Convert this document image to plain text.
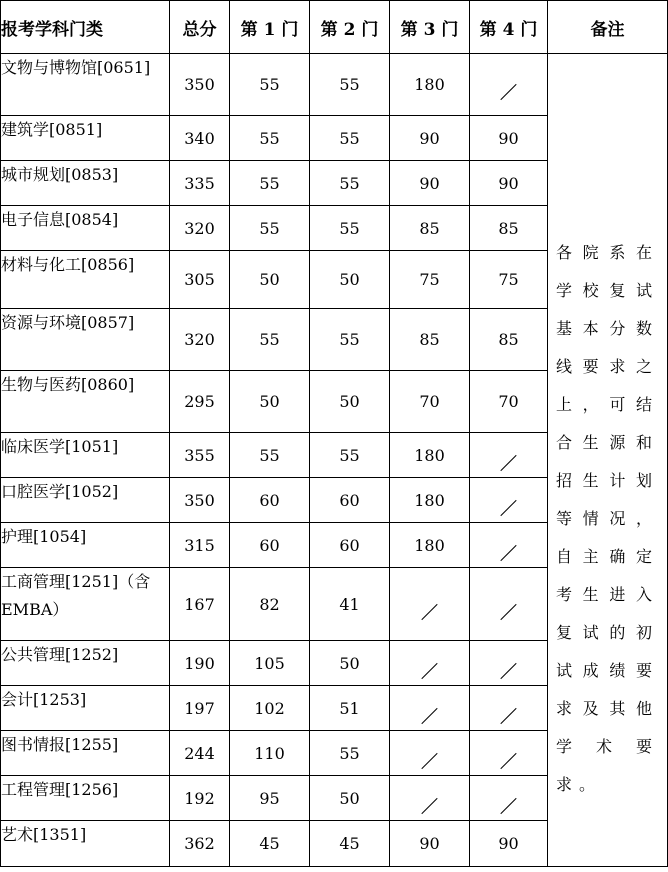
报考学科门类	总分	第 1 门	第 2 门	第 3 门	第 4 门	备注
文物与博物馆[0651]	350	55	55	180		各院系在学校复试基本分数线要求之上，可结合生源和招生计划等情况，自主确定考生进入复试的初试成绩要求及其他学术要求。

建筑学[0851]	340	55	55	90	90	
城市规划[0853]	335	55	55	90	90	
电子信息[0854]	320	55	55	85	85	
材料与化工[0856]	305	50	50	75	75	
资源与环境[0857]	320	55	55	85	85	
生物与医药[0860]	295	50	50	70	70	
临床医学[1051]	355	55	55	180	
口腔医学[1052]	350	60	60	180	
护理[1054]	315	60	60	180	
工商管理[1251]（含 EMBA）	167	82	41		
公共管理[1252]	190	105	50		
会计[1253]	197	102	51		
图书情报[1255]	244	110	55		
工程管理[1256]	192	95	50		
艺术[1351]	362	45	45	90	90	
